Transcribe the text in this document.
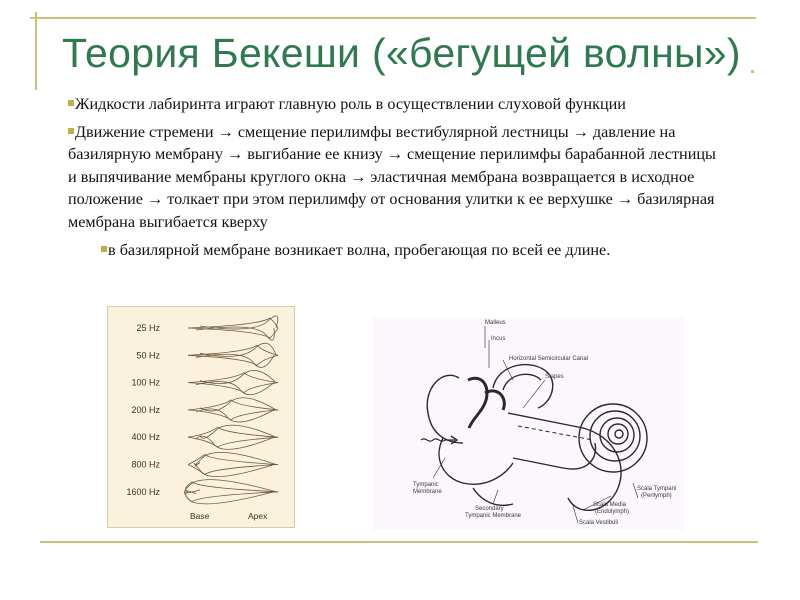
Теория Бекеши («бегущей волны»)

Жидкости лабиринта играют главную роль в осуществлении слуховой функции

Движение стремени → смещение перилимфы вестибулярной лестницы → давление на базилярную мембрану → выгибание ее книзу → смещение перилимфы барабанной лестницы и выпячивание мембраны круглого окна → эластичная мембрана возвращается в исходное положение → толкает при этом перилимфу от основания улитки к ее верхушке → базилярная мембрана выгибается кверху

в базилярной мембране возникает волна, пробегающая по всей ее длине.

25 Hz
50 Hz
100 Hz
200 Hz
400 Hz
800 Hz
1600 Hz
Base	Apex
Malleus
Incus
Horizontal Semicircular Canal
Stapes
Tympanic
Membrane
Secondary
Tympanic Membrane
Scala Tympani
(Perilymph)
Scala Media
(Endolymph)
Scala Vestibuli
